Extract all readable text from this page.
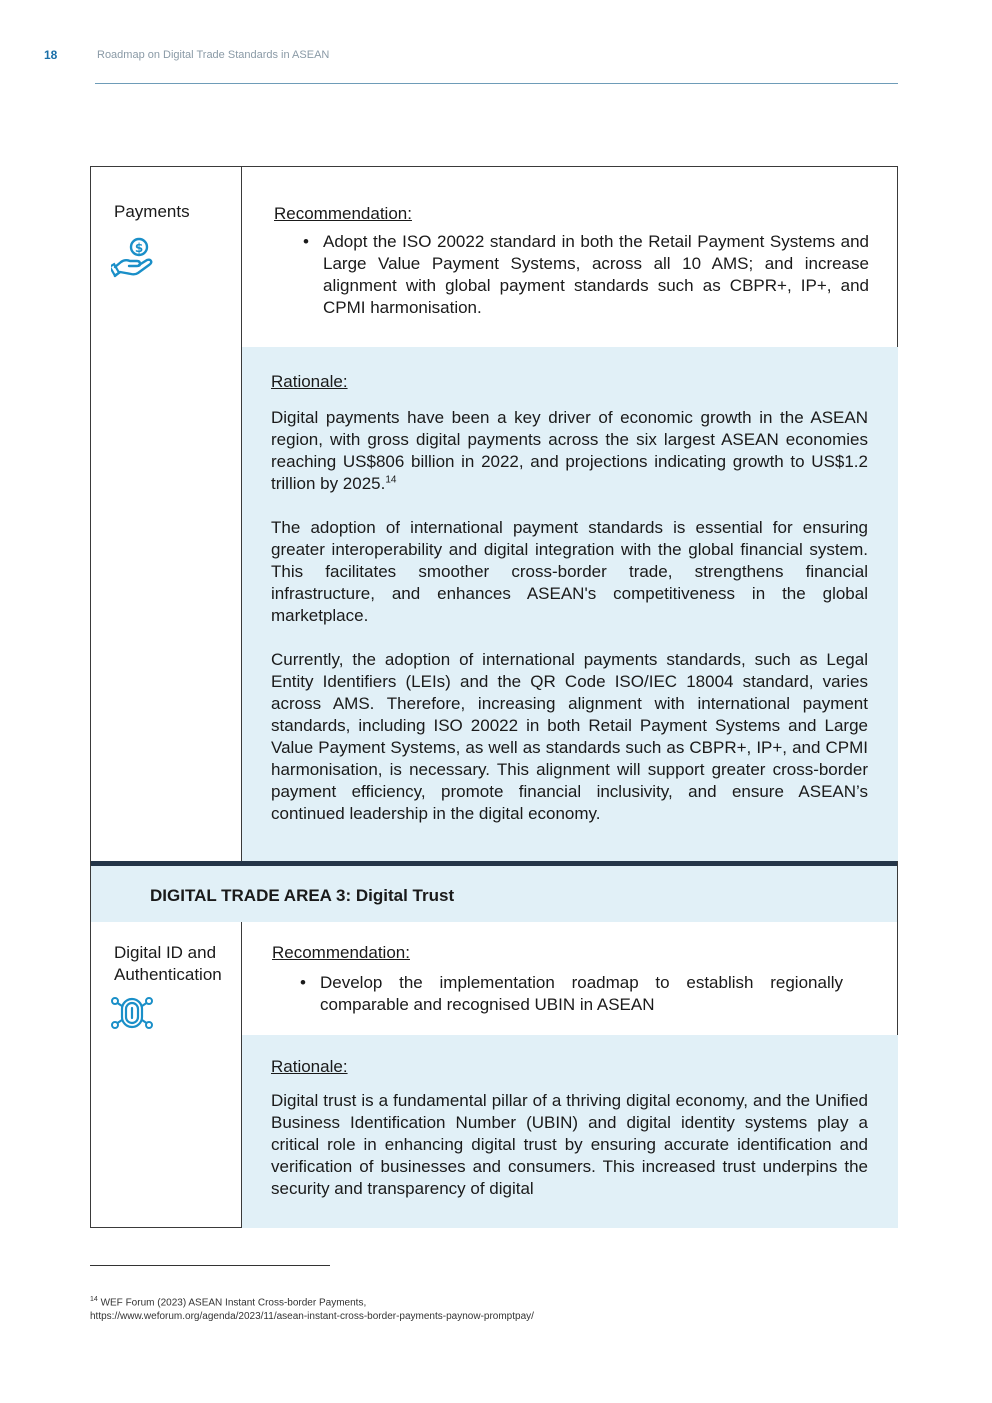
18	Roadmap on Digital Trade Standards in ASEAN
Payments
$
Recommendation:
• Adopt the ISO 20022 standard in both the Retail Payment Systems and Large Value Payment Systems, across all 10 AMS; and increase alignment with global payment standards such as CBPR+, IP+, and CPMI harmonisation.
Rationale:

Digital payments have been a key driver of economic growth in the ASEAN region, with gross digital payments across the six largest ASEAN economies reaching US$806 billion in 2022, and projections indicating growth to US$1.2 trillion by 2025.14

The adoption of international payment standards is essential for ensuring greater interoperability and digital integration with the global financial system. This facilitates smoother cross-border trade, strengthens financial infrastructure, and enhances ASEAN's competitiveness in the global marketplace.

Currently, the adoption of international payments standards, such as Legal Entity Identifiers (LEIs) and the QR Code ISO/IEC 18004 standard, varies across AMS. Therefore, increasing alignment with international payment standards, including ISO 20022 in both Retail Payment Systems and Large Value Payment Systems, as well as standards such as CBPR+, IP+, and CPMI harmonisation, is necessary. This alignment will support greater cross-border payment efficiency, promote financial inclusivity, and ensure ASEAN’s continued leadership in the digital economy.

DIGITAL TRADE AREA 3: Digital Trust
Digital ID and
Authentication
Recommendation:
• Develop the implementation roadmap to establish regionally comparable and recognised UBIN in ASEAN
Rationale:

Digital trust is a fundamental pillar of a thriving digital economy, and the Unified Business Identification Number (UBIN) and digital identity systems play a critical role in enhancing digital trust by ensuring accurate identification and verification of businesses and consumers. This increased trust underpins the security and transparency of digital

$^{14}$ WEF Forum (2023) ASEAN Instant Cross-border Payments,
https://www.weforum.org/agenda/2023/11/asean-instant-cross-border-payments-paynow-promptpay/
